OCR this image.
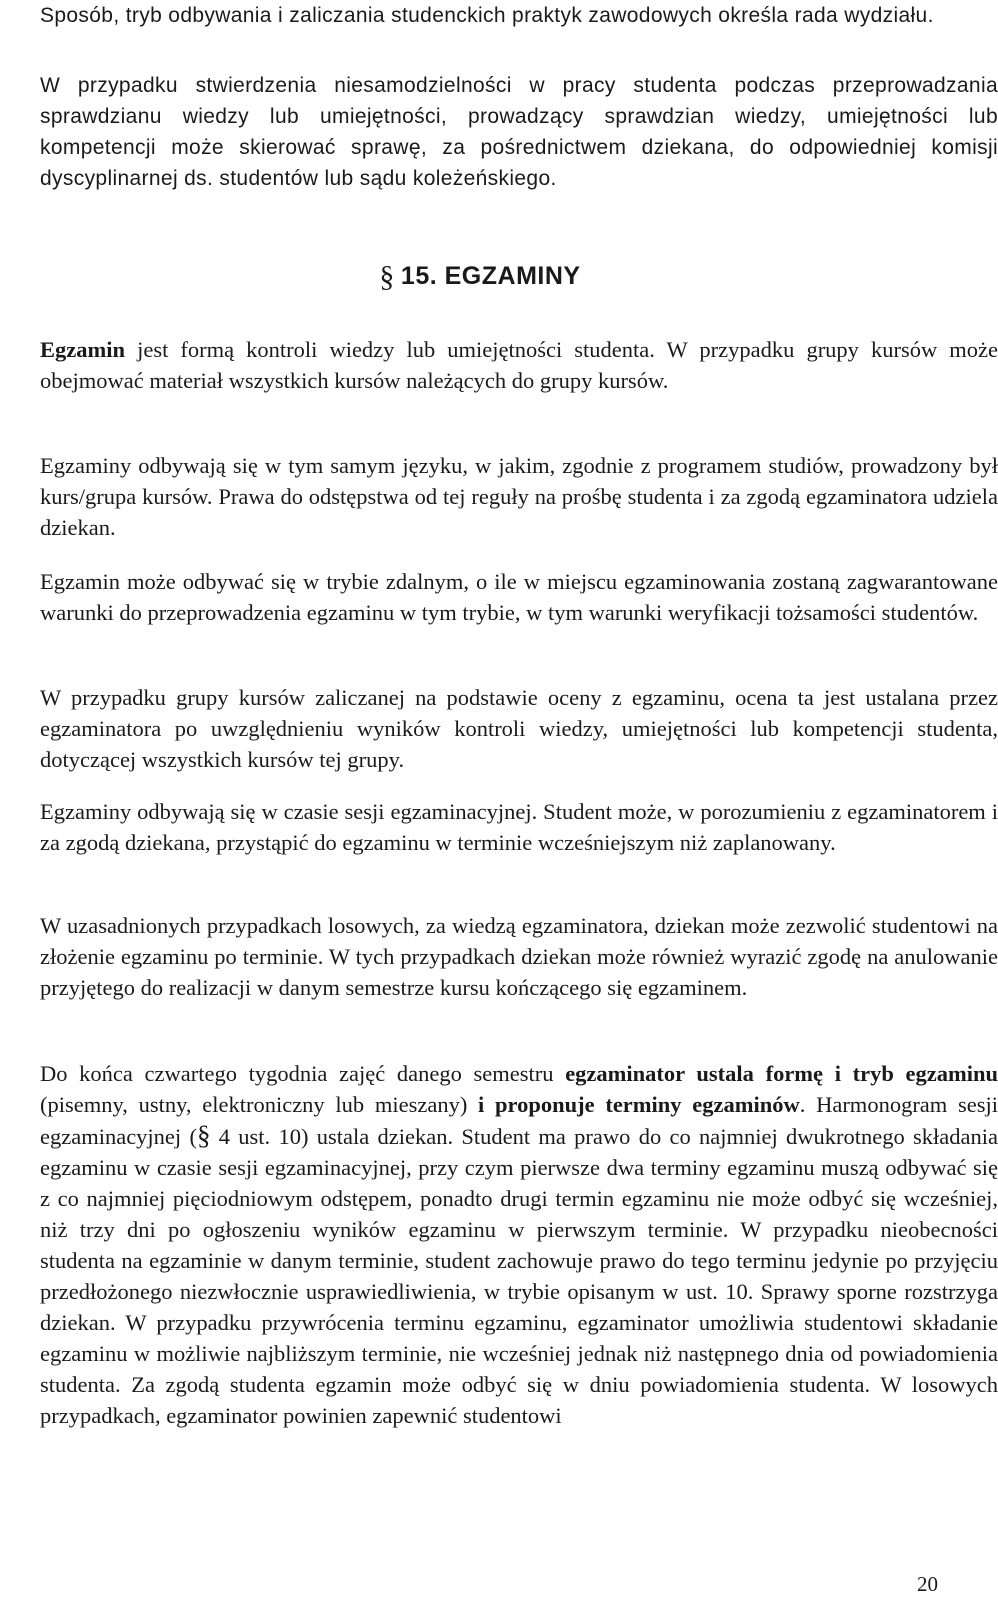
Sposób, tryb odbywania i zaliczania studenckich praktyk zawodowych określa rada wydziału.

W przypadku stwierdzenia niesamodzielności w pracy studenta podczas przeprowadzania sprawdzianu wiedzy lub umiejętności, prowadzący sprawdzian wiedzy, umiejętności lub kompetencji może skierować sprawę, za pośrednictwem dziekana, do odpowiedniej komisji dyscyplinarnej ds. studentów lub sądu koleżeńskiego.

§ 15. EGZAMINY

Egzamin jest formą kontroli wiedzy lub umiejętności studenta. W przypadku grupy kursów może obejmować materiał wszystkich kursów należących do grupy kursów.

Egzaminy odbywają się w tym samym języku, w jakim, zgodnie z programem studiów, prowadzony był kurs/grupa kursów. Prawa do odstępstwa od tej reguły na prośbę studenta i za zgodą egzaminatora udziela dziekan.

Egzamin może odbywać się w trybie zdalnym, o ile w miejscu egzaminowania zostaną zagwarantowane warunki do przeprowadzenia egzaminu w tym trybie, w tym warunki weryfikacji tożsamości studentów.

W przypadku grupy kursów zaliczanej na podstawie oceny z egzaminu, ocena ta jest ustalana przez egzaminatora po uwzględnieniu wyników kontroli wiedzy, umiejętności lub kompetencji studenta, dotyczącej wszystkich kursów tej grupy.

Egzaminy odbywają się w czasie sesji egzaminacyjnej. Student może, w porozumieniu z egzaminatorem i za zgodą dziekana, przystąpić do egzaminu w terminie wcześniejszym niż zaplanowany.

W uzasadnionych przypadkach losowych, za wiedzą egzaminatora, dziekan może zezwolić studentowi na złożenie egzaminu po terminie. W tych przypadkach dziekan może również wyrazić zgodę na anulowanie przyjętego do realizacji w danym semestrze kursu kończącego się egzaminem.

Do końca czwartego tygodnia zajęć danego semestru egzaminator ustala formę i tryb egzaminu (pisemny, ustny, elektroniczny lub mieszany) i proponuje terminy egzaminów. Harmonogram sesji egzaminacyjnej (§ 4 ust. 10) ustala dziekan. Student ma prawo do co najmniej dwukrotnego składania egzaminu w czasie sesji egzaminacyjnej, przy czym pierwsze dwa terminy egzaminu muszą odbywać się z co najmniej pięciodniowym odstępem, ponadto drugi termin egzaminu nie może odbyć się wcześniej, niż trzy dni po ogłoszeniu wyników egzaminu w pierwszym terminie. W przypadku nieobecności studenta na egzaminie w danym terminie, student zachowuje prawo do tego terminu jedynie po przyjęciu przedłożonego niezwłocznie usprawiedliwienia, w trybie opisanym w ust. 10. Sprawy sporne rozstrzyga dziekan. W przypadku przywrócenia terminu egzaminu, egzaminator umożliwia studentowi składanie egzaminu w możliwie najbliższym terminie, nie wcześniej jednak niż następnego dnia od powiadomienia studenta. Za zgodą studenta egzamin może odbyć się w dniu powiadomienia studenta. W losowych przypadkach, egzaminator powinien zapewnić studentowi

20
